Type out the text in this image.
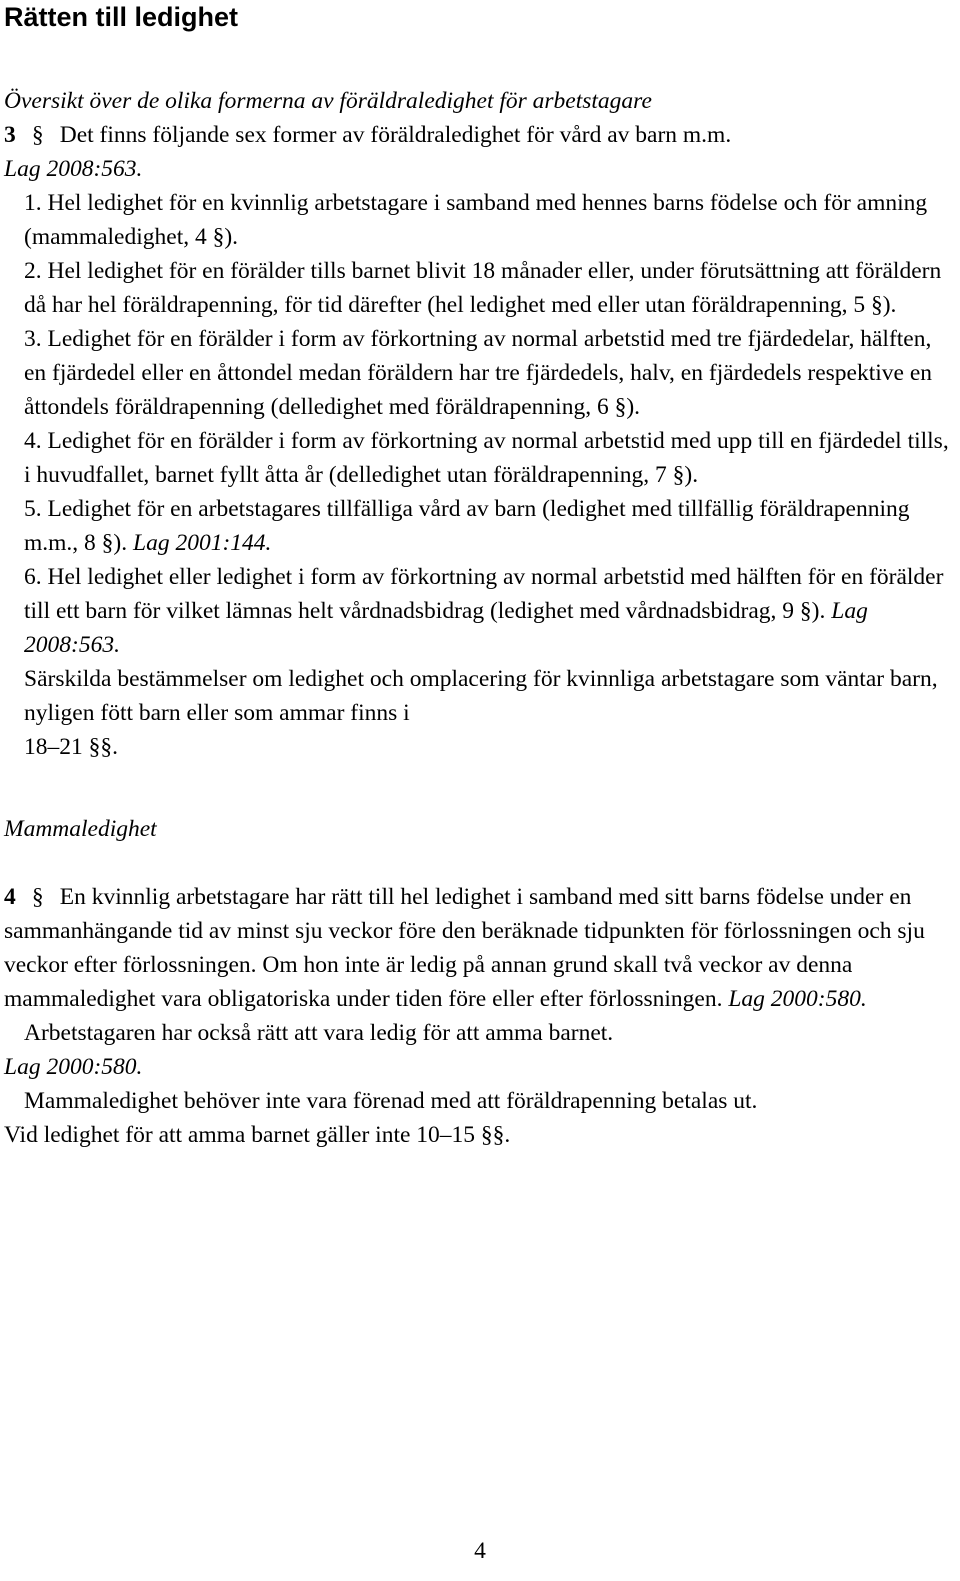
Rätten till ledighet

Översikt över de olika formerna av föräldraledighet för arbetstagare

3 § Det finns följande sex former av föräldraledighet för vård av barn m.m.
Lag 2008:563.

1. Hel ledighet för en kvinnlig arbetstagare i samband med hennes barns födelse och för amning (mammaledighet, 4 §).

2. Hel ledighet för en förälder tills barnet blivit 18 månader eller, under förutsättning att föräldern då har hel föräldrapenning, för tid därefter (hel ledighet med eller utan föräldrapenning, 5 §).

3. Ledighet för en förälder i form av förkortning av normal arbetstid med tre fjärdedelar, hälften, en fjärdedel eller en åttondel medan föräldern har tre fjärdedels, halv, en fjärdedels respektive en åttondels föräldrapenning (delledighet med föräldrapenning, 6 §).

4. Ledighet för en förälder i form av förkortning av normal arbetstid med upp till en fjärdedel tills, i huvudfallet, barnet fyllt åtta år (delledighet utan föräldrapenning, 7 §).

5. Ledighet för en arbetstagares tillfälliga vård av barn (ledighet med tillfällig föräldrapenning m.m., 8 §). Lag 2001:144.

6. Hel ledighet eller ledighet i form av förkortning av normal arbetstid med hälften för en förälder till ett barn för vilket lämnas helt vårdnadsbidrag (ledighet med vårdnadsbidrag, 9 §). Lag 2008:563.

Särskilda bestämmelser om ledighet och omplacering för kvinnliga arbetstagare som väntar barn, nyligen fött barn eller som ammar finns i
18–21 §§.

Mammaledighet

4 § En kvinnlig arbetstagare har rätt till hel ledighet i samband med sitt barns födelse under en sammanhängande tid av minst sju veckor före den beräknade tidpunkten för förlossningen och sju veckor efter förlossningen. Om hon inte är ledig på annan grund skall två veckor av denna mammaledighet vara obligatoriska under tiden före eller efter förlossningen. Lag 2000:580.

Arbetstagaren har också rätt att vara ledig för att amma barnet.

Lag 2000:580.

Mammaledighet behöver inte vara förenad med att föräldrapenning betalas ut.

Vid ledighet för att amma barnet gäller inte 10–15 §§.

4
